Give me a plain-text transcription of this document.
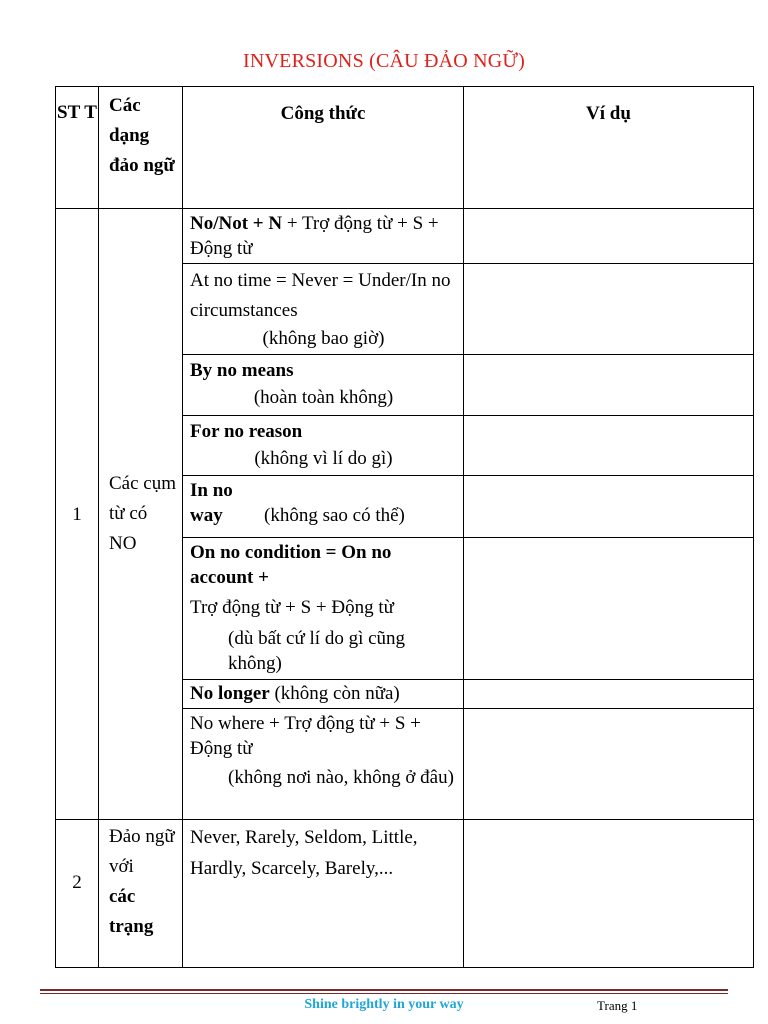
INVERSIONS (CÂU ĐẢO NGỮ)
ST T	Các dạng đảo ngữ	Công thức	Ví dụ
1	Các cụm từ có NO	No/Not + N + Trợ động từ + S + Động từ	

		At no time = Never = Under/In no circumstances
(không bao giờ)	

		By no means
(hoàn toàn không)	

		For no reason
(không vì lí do gì)	

		In no way (không sao có thể)	

		On no condition = On no account +
Trợ động từ + S + Động từ
(dù bất cứ lí do gì cũng không)	

		No longer (không còn nữa)	

		No where + Trợ động từ + S + Động từ
(không nơi nào, không ở đâu)	

2	Đảo ngữ với
các trạng	Never, Rarely, Seldom, Little, Hardly, Scarcely, Barely,...	

Shine brightly in your way	Trang 1
